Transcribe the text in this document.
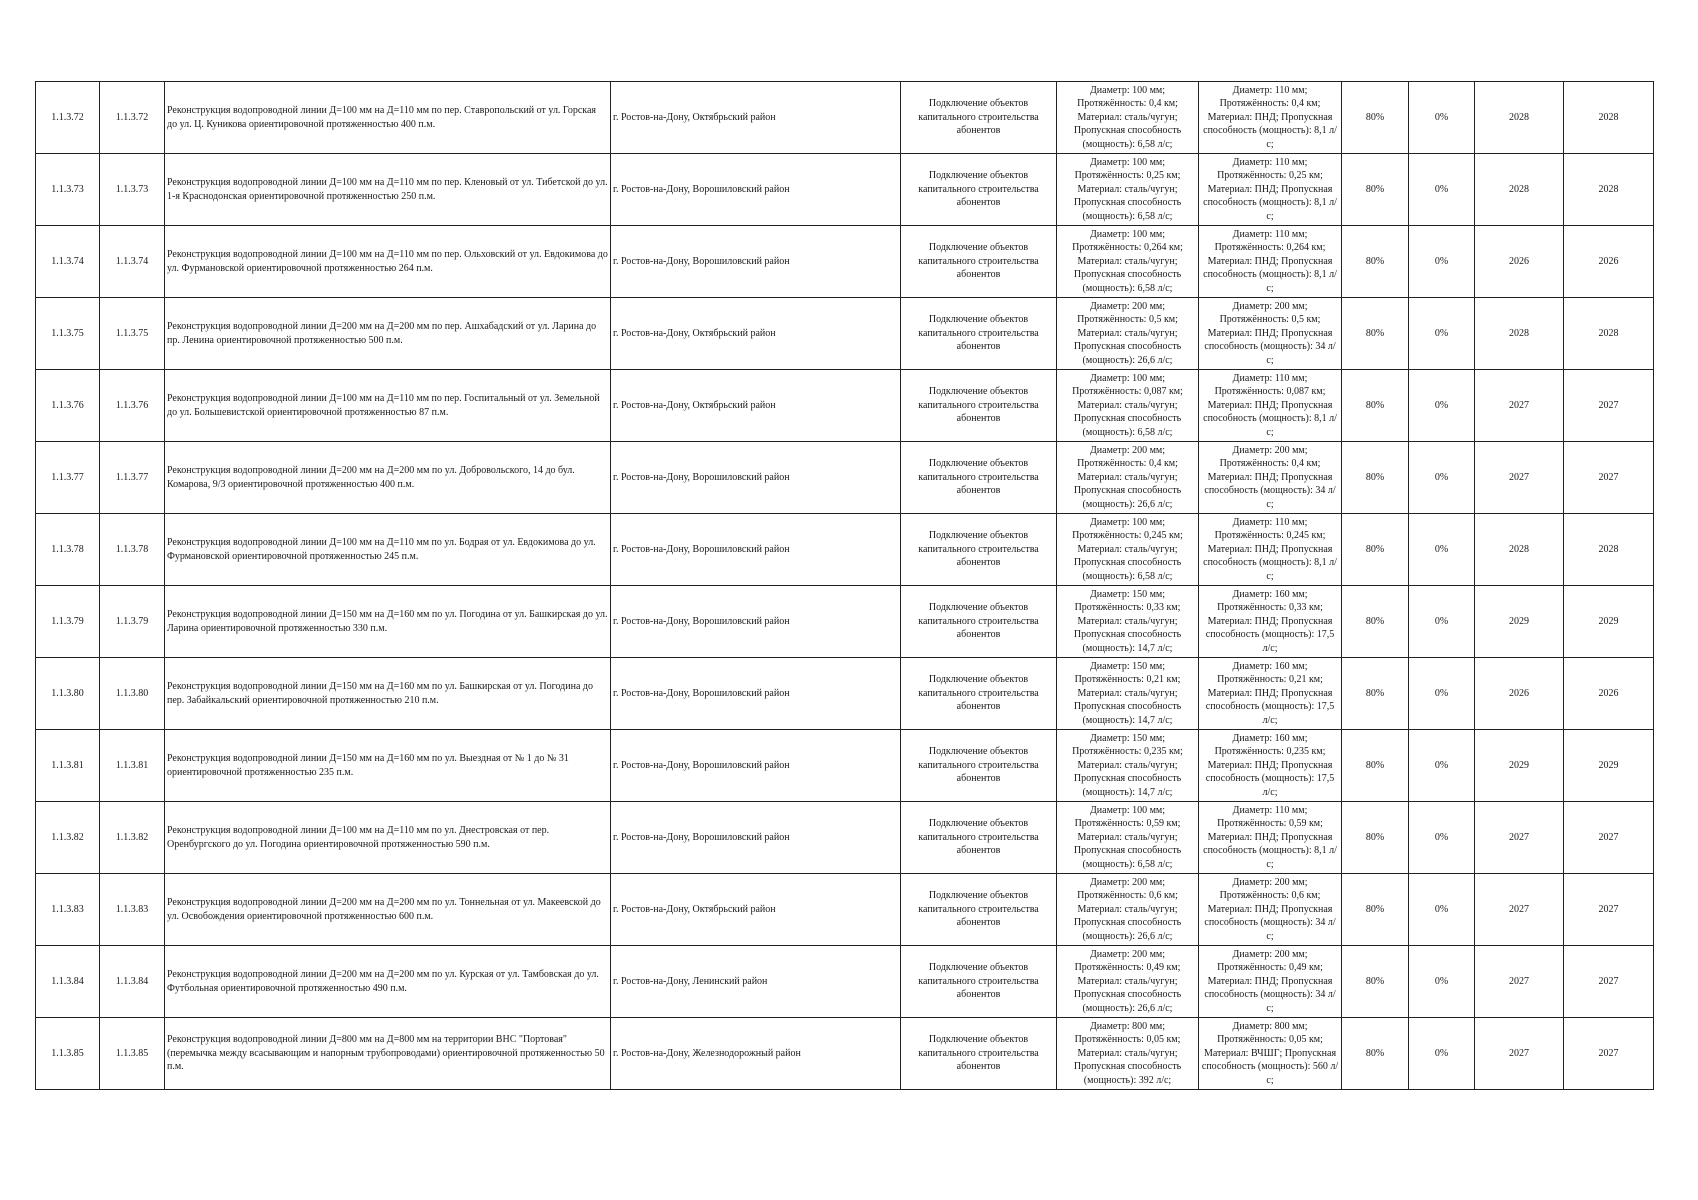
1.1.3.72	1.1.3.72	Реконструкция водопроводной линии Д=100 мм на Д=110 мм по пер. Ставропольский от ул. Горская до ул. Ц. Куникова ориентировочной протяженностью 400 п.м.	г. Ростов-на-Дону, Октябрьский район	Подключение объектов капитального строительства абонентов	Диаметр: 100 мм; Протяжённость: 0,4 км; Материал: сталь/чугун; Пропускная способность (мощность): 6,58 л/с;	Диаметр: 110 мм; Протяжённость: 0,4 км; Материал: ПНД; Пропускная способность (мощность): 8,1 л/с;	80%	0%	2028	2028
1.1.3.73	1.1.3.73	Реконструкция водопроводной линии Д=100 мм на Д=110 мм по пер. Кленовый от ул. Тибетской до ул. 1-я Краснодонская ориентировочной протяженностью 250 п.м.	г. Ростов-на-Дону, Ворошиловский район	Подключение объектов капитального строительства абонентов	Диаметр: 100 мм; Протяжённость: 0,25 км; Материал: сталь/чугун; Пропускная способность (мощность): 6,58 л/с;	Диаметр: 110 мм; Протяжённость: 0,25 км; Материал: ПНД; Пропускная способность (мощность): 8,1 л/с;	80%	0%	2028	2028
1.1.3.74	1.1.3.74	Реконструкция водопроводной линии Д=100 мм на Д=110 мм по пер. Ольховский от ул. Евдокимова до ул. Фурмановской ориентировочной протяженностью 264 п.м.	г. Ростов-на-Дону, Ворошиловский район	Подключение объектов капитального строительства абонентов	Диаметр: 100 мм; Протяжённость: 0,264 км; Материал: сталь/чугун; Пропускная способность (мощность): 6,58 л/с;	Диаметр: 110 мм; Протяжённость: 0,264 км; Материал: ПНД; Пропускная способность (мощность): 8,1 л/с;	80%	0%	2026	2026
1.1.3.75	1.1.3.75	Реконструкция водопроводной линии Д=200 мм на Д=200 мм по пер. Ашхабадский от ул. Ларина до пр. Ленина ориентировочной протяженностью 500 п.м.	г. Ростов-на-Дону, Октябрьский район	Подключение объектов капитального строительства абонентов	Диаметр: 200 мм; Протяжённость: 0,5 км; Материал: сталь/чугун; Пропускная способность (мощность): 26,6 л/с;	Диаметр: 200 мм; Протяжённость: 0,5 км; Материал: ПНД; Пропускная способность (мощность): 34 л/с;	80%	0%	2028	2028
1.1.3.76	1.1.3.76	Реконструкция водопроводной линии Д=100 мм на Д=110 мм по пер. Госпитальный от ул. Земельной до ул. Большевистской ориентировочной протяженностью 87 п.м.	г. Ростов-на-Дону, Октябрьский район	Подключение объектов капитального строительства абонентов	Диаметр: 100 мм; Протяжённость: 0,087 км; Материал: сталь/чугун; Пропускная способность (мощность): 6,58 л/с;	Диаметр: 110 мм; Протяжённость: 0,087 км; Материал: ПНД; Пропускная способность (мощность): 8,1 л/с;	80%	0%	2027	2027
1.1.3.77	1.1.3.77	Реконструкция водопроводной линии Д=200 мм на Д=200 мм по ул. Добровольского, 14 до бул. Комарова, 9/3 ориентировочной протяженностью 400 п.м.	г. Ростов-на-Дону, Ворошиловский район	Подключение объектов капитального строительства абонентов	Диаметр: 200 мм; Протяжённость: 0,4 км; Материал: сталь/чугун; Пропускная способность (мощность): 26,6 л/с;	Диаметр: 200 мм; Протяжённость: 0,4 км; Материал: ПНД; Пропускная способность (мощность): 34 л/с;	80%	0%	2027	2027
1.1.3.78	1.1.3.78	Реконструкция водопроводной линии Д=100 мм на Д=110 мм по ул. Бодрая от ул. Евдокимова до ул. Фурмановской ориентировочной протяженностью 245 п.м.	г. Ростов-на-Дону, Ворошиловский район	Подключение объектов капитального строительства абонентов	Диаметр: 100 мм; Протяжённость: 0,245 км; Материал: сталь/чугун; Пропускная способность (мощность): 6,58 л/с;	Диаметр: 110 мм; Протяжённость: 0,245 км; Материал: ПНД; Пропускная способность (мощность): 8,1 л/с;	80%	0%	2028	2028
1.1.3.79	1.1.3.79	Реконструкция водопроводной линии Д=150 мм на Д=160 мм по ул. Погодина от ул. Башкирская до ул. Ларина ориентировочной протяженностью 330 п.м.	г. Ростов-на-Дону, Ворошиловский район	Подключение объектов капитального строительства абонентов	Диаметр: 150 мм; Протяжённость: 0,33 км; Материал: сталь/чугун; Пропускная способность (мощность): 14,7 л/с;	Диаметр: 160 мм; Протяжённость: 0,33 км; Материал: ПНД; Пропускная способность (мощность): 17,5 л/с;	80%	0%	2029	2029
1.1.3.80	1.1.3.80	Реконструкция водопроводной линии Д=150 мм на Д=160 мм по ул. Башкирская от ул. Погодина до пер. Забайкальский ориентировочной протяженностью 210 п.м.	г. Ростов-на-Дону, Ворошиловский район	Подключение объектов капитального строительства абонентов	Диаметр: 150 мм; Протяжённость: 0,21 км; Материал: сталь/чугун; Пропускная способность (мощность): 14,7 л/с;	Диаметр: 160 мм; Протяжённость: 0,21 км; Материал: ПНД; Пропускная способность (мощность): 17,5 л/с;	80%	0%	2026	2026
1.1.3.81	1.1.3.81	Реконструкция водопроводной линии Д=150 мм на Д=160 мм по ул. Выездная от № 1 до № 31 ориентировочной протяженностью 235 п.м.	г. Ростов-на-Дону, Ворошиловский район	Подключение объектов капитального строительства абонентов	Диаметр: 150 мм; Протяжённость: 0,235 км; Материал: сталь/чугун; Пропускная способность (мощность): 14,7 л/с;	Диаметр: 160 мм; Протяжённость: 0,235 км; Материал: ПНД; Пропускная способность (мощность): 17,5 л/с;	80%	0%	2029	2029
1.1.3.82	1.1.3.82	Реконструкция водопроводной линии Д=100 мм на Д=110 мм по ул. Днестровская от пер. Оренбургского до ул. Погодина ориентировочной протяженностью 590 п.м.	г. Ростов-на-Дону, Ворошиловский район	Подключение объектов капитального строительства абонентов	Диаметр: 100 мм; Протяжённость: 0,59 км; Материал: сталь/чугун; Пропускная способность (мощность): 6,58 л/с;	Диаметр: 110 мм; Протяжённость: 0,59 км; Материал: ПНД; Пропускная способность (мощность): 8,1 л/с;	80%	0%	2027	2027
1.1.3.83	1.1.3.83	Реконструкция водопроводной линии Д=200 мм на Д=200 мм по ул. Тоннельная от ул. Макеевской до ул. Освобождения ориентировочной протяженностью 600 п.м.	г. Ростов-на-Дону, Октябрьский район	Подключение объектов капитального строительства абонентов	Диаметр: 200 мм; Протяжённость: 0,6 км; Материал: сталь/чугун; Пропускная способность (мощность): 26,6 л/с;	Диаметр: 200 мм; Протяжённость: 0,6 км; Материал: ПНД; Пропускная способность (мощность): 34 л/с;	80%	0%	2027	2027
1.1.3.84	1.1.3.84	Реконструкция водопроводной линии Д=200 мм на Д=200 мм по ул. Курская от ул. Тамбовская до ул. Футбольная ориентировочной протяженностью 490 п.м.	г. Ростов-на-Дону, Ленинский район	Подключение объектов капитального строительства абонентов	Диаметр: 200 мм; Протяжённость: 0,49 км; Материал: сталь/чугун; Пропускная способность (мощность): 26,6 л/с;	Диаметр: 200 мм; Протяжённость: 0,49 км; Материал: ПНД; Пропускная способность (мощность): 34 л/с;	80%	0%	2027	2027
1.1.3.85	1.1.3.85	Реконструкция водопроводной линии Д=800 мм на Д=800 мм на территории ВНС "Портовая" (перемычка между всасывающим и напорным трубопроводами) ориентировочной протяженностью 50 п.м.	г. Ростов-на-Дону, Железнодорожный район	Подключение объектов капитального строительства абонентов	Диаметр: 800 мм; Протяжённость: 0,05 км; Материал: сталь/чугун; Пропускная способность (мощность): 392 л/с;	Диаметр: 800 мм; Протяжённость: 0,05 км; Материал: ВЧШГ; Пропускная способность (мощность): 560 л/с;	80%	0%	2027	2027
